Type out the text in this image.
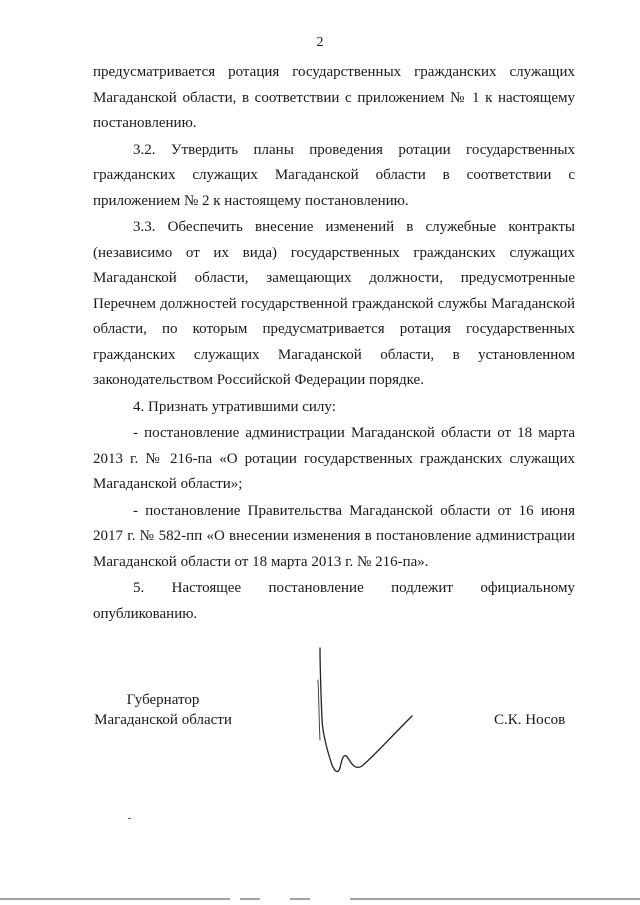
2

предусматривается ротация государственных гражданских служащих Магаданской области, в соответствии с приложением № 1 к настоящему постановлению.

3.2. Утвердить планы проведения ротации государственных гражданских служащих Магаданской области в соответствии с приложением № 2 к настоящему постановлению.

3.3. Обеспечить внесение изменений в служебные контракты (независимо от их вида) государственных гражданских служащих Магаданской области, замещающих должности, предусмотренные Перечнем должностей государственной гражданской службы Магаданской области, по которым предусматривается ротация государственных гражданских служащих Магаданской области, в установленном законодательством Российской Федерации порядке.

4. Признать утратившими силу:

- постановление администрации Магаданской области от 18 марта 2013 г. № 216-па «О ротации государственных гражданских служащих Магаданской области»;

- постановление Правительства Магаданской области от 16 июня 2017 г. № 582-пп «О внесении изменения в постановление администрации Магаданской области от 18 марта 2013 г. № 216-па».

5. Настоящее постановление подлежит официальному опубликованию.

Губернатор
Магаданской области	С.К. Носов
